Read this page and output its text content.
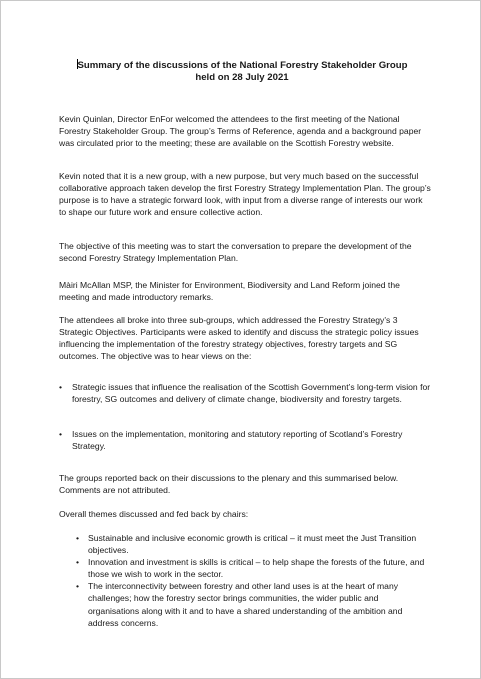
Summary of the discussions of the National Forestry Stakeholder Group
held on 28 July 2021

Kevin Quinlan, Director EnFor welcomed the attendees to the first meeting of the National Forestry Stakeholder Group. The group’s Terms of Reference, agenda and a background paper was circulated prior to the meeting; these are available on the Scottish Forestry website.

Kevin noted that it is a new group, with a new purpose, but very much based on the successful collaborative approach taken develop the first Forestry Strategy Implementation Plan. The group’s purpose is to have a strategic forward look, with input from a diverse range of interests our work to shape our future work and ensure collective action.

The objective of this meeting was to start the conversation to prepare the development of the second Forestry Strategy Implementation Plan.

Màiri McAllan MSP, the Minister for Environment, Biodiversity and Land Reform joined the meeting and made introductory remarks.

The attendees all broke into three sub-groups, which addressed the Forestry Strategy’s 3 Strategic Objectives. Participants were asked to identify and discuss the strategic policy issues influencing the implementation of the forestry strategy objectives, forestry targets and SG outcomes. The objective was to hear views on the:

• Strategic issues that influence the realisation of the Scottish Government’s long-term vision for forestry, SG outcomes and delivery of climate change, biodiversity and forestry targets.
• Issues on the implementation, monitoring and statutory reporting of Scotland’s Forestry Strategy.

The groups reported back on their discussions to the plenary and this summarised below. Comments are not attributed.

Overall themes discussed and fed back by chairs:

• Sustainable and inclusive economic growth is critical – it must meet the Just Transition objectives.
• Innovation and investment is skills is critical – to help shape the forests of the future, and those we wish to work in the sector.
• The interconnectivity between forestry and other land uses is at the heart of many challenges; how the forestry sector brings communities, the wider public and organisations along with it and to have a shared understanding of the ambition and address concerns.
